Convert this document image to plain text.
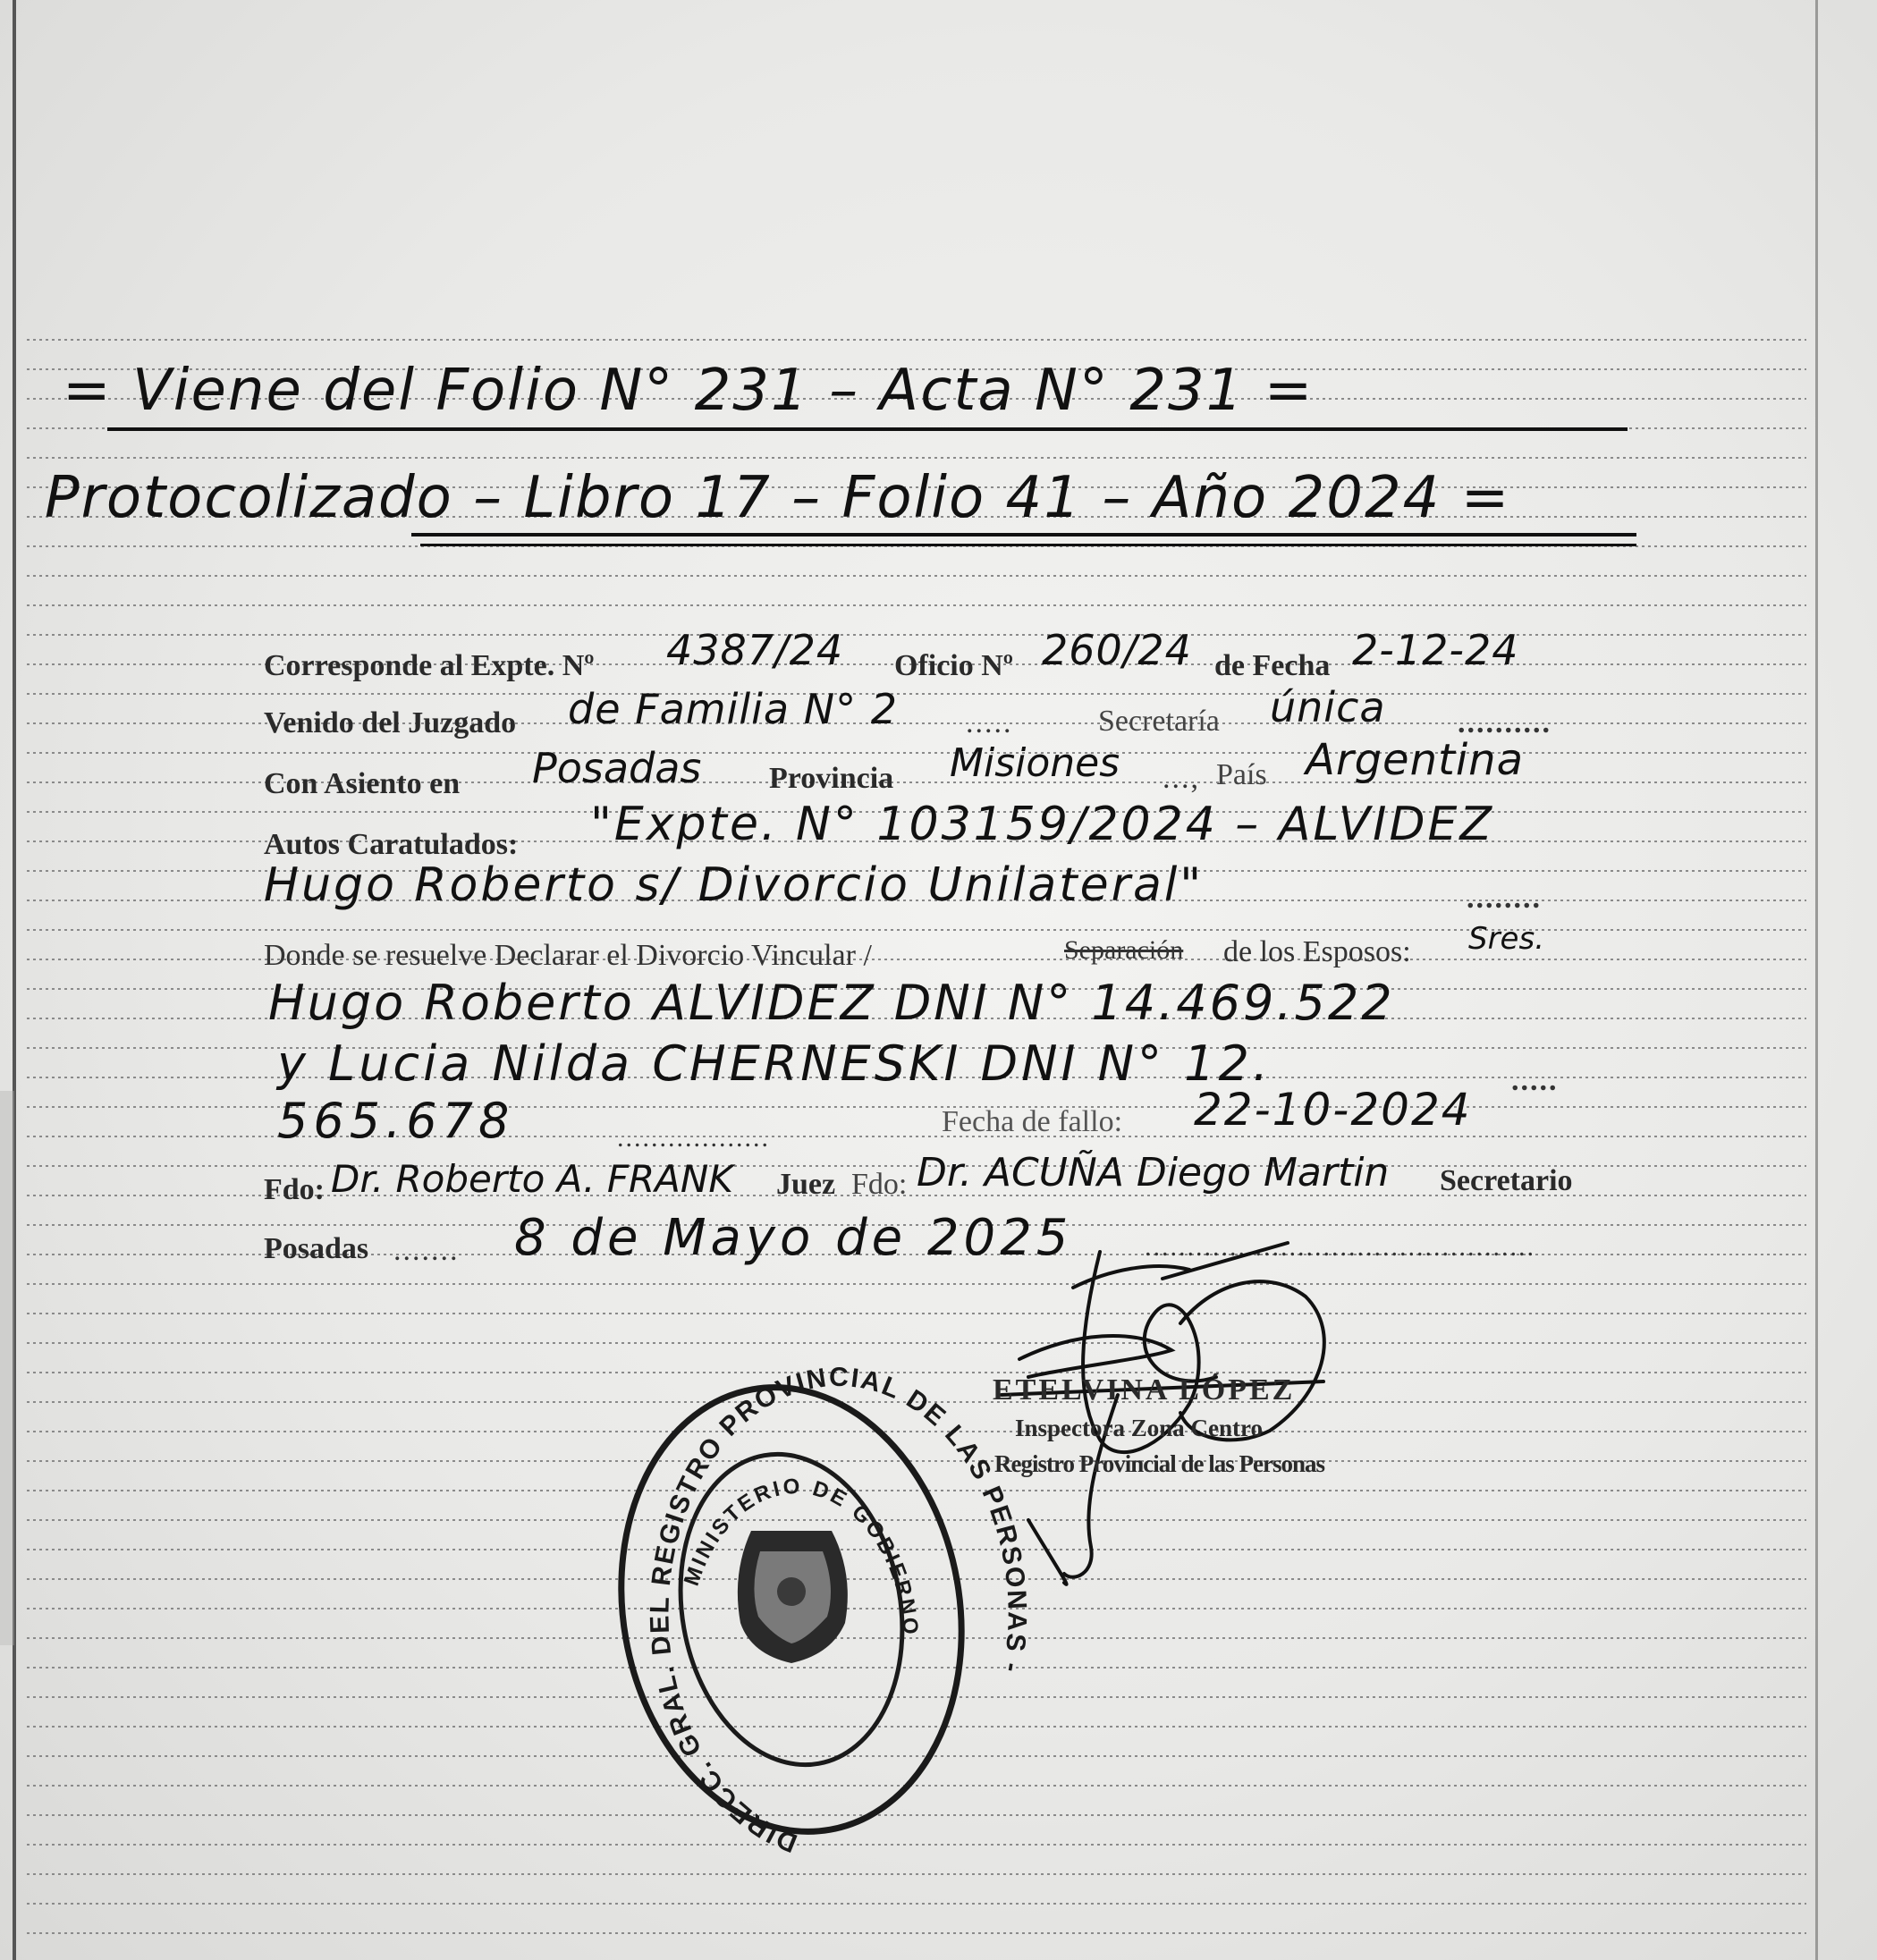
= Viene del Folio N° 231 – Acta N° 231 =
Protocolizado – Libro 17 – Folio 41 – Año 2024 =
Corresponde al Expte. Nº 4387/24 Oficio Nº 260/24 de Fecha 2-12-24
Venido del Juzgado de Familia N° 2 .....	Secretaría única ..........
Con Asiento en Posadas Provincia Misiones ..., País Argentina
Autos Caratulados: "Expte. N° 103159/2024 – ALVIDEZ
Hugo Roberto s/ Divorcio Unilateral"	........
Donde se resuelve Declarar el Divorcio Vincular /	Separación de los Esposos: Sres.
Hugo Roberto ALVIDEZ DNI N° 14.469.522
y Lucia Nilda CHERNESKI DNI N° 12.	.....
565.678	..................	Fecha de fallo: 22-10-2024
Fdo: Dr. Roberto A. FRANK Juez Fdo: Dr. ACUÑA Diego Martin Secretario
Posadas ....... 8 de Mayo de 2025	..............................................
DIRECC. GRAL. DEL REGISTRO PROVINCIAL DE LAS PERSONAS -
MINISTERIO DE GOBIERNO
ETELVINA LÓPEZ
Inspectora Zona Centro
Registro Provincial de las Personas
